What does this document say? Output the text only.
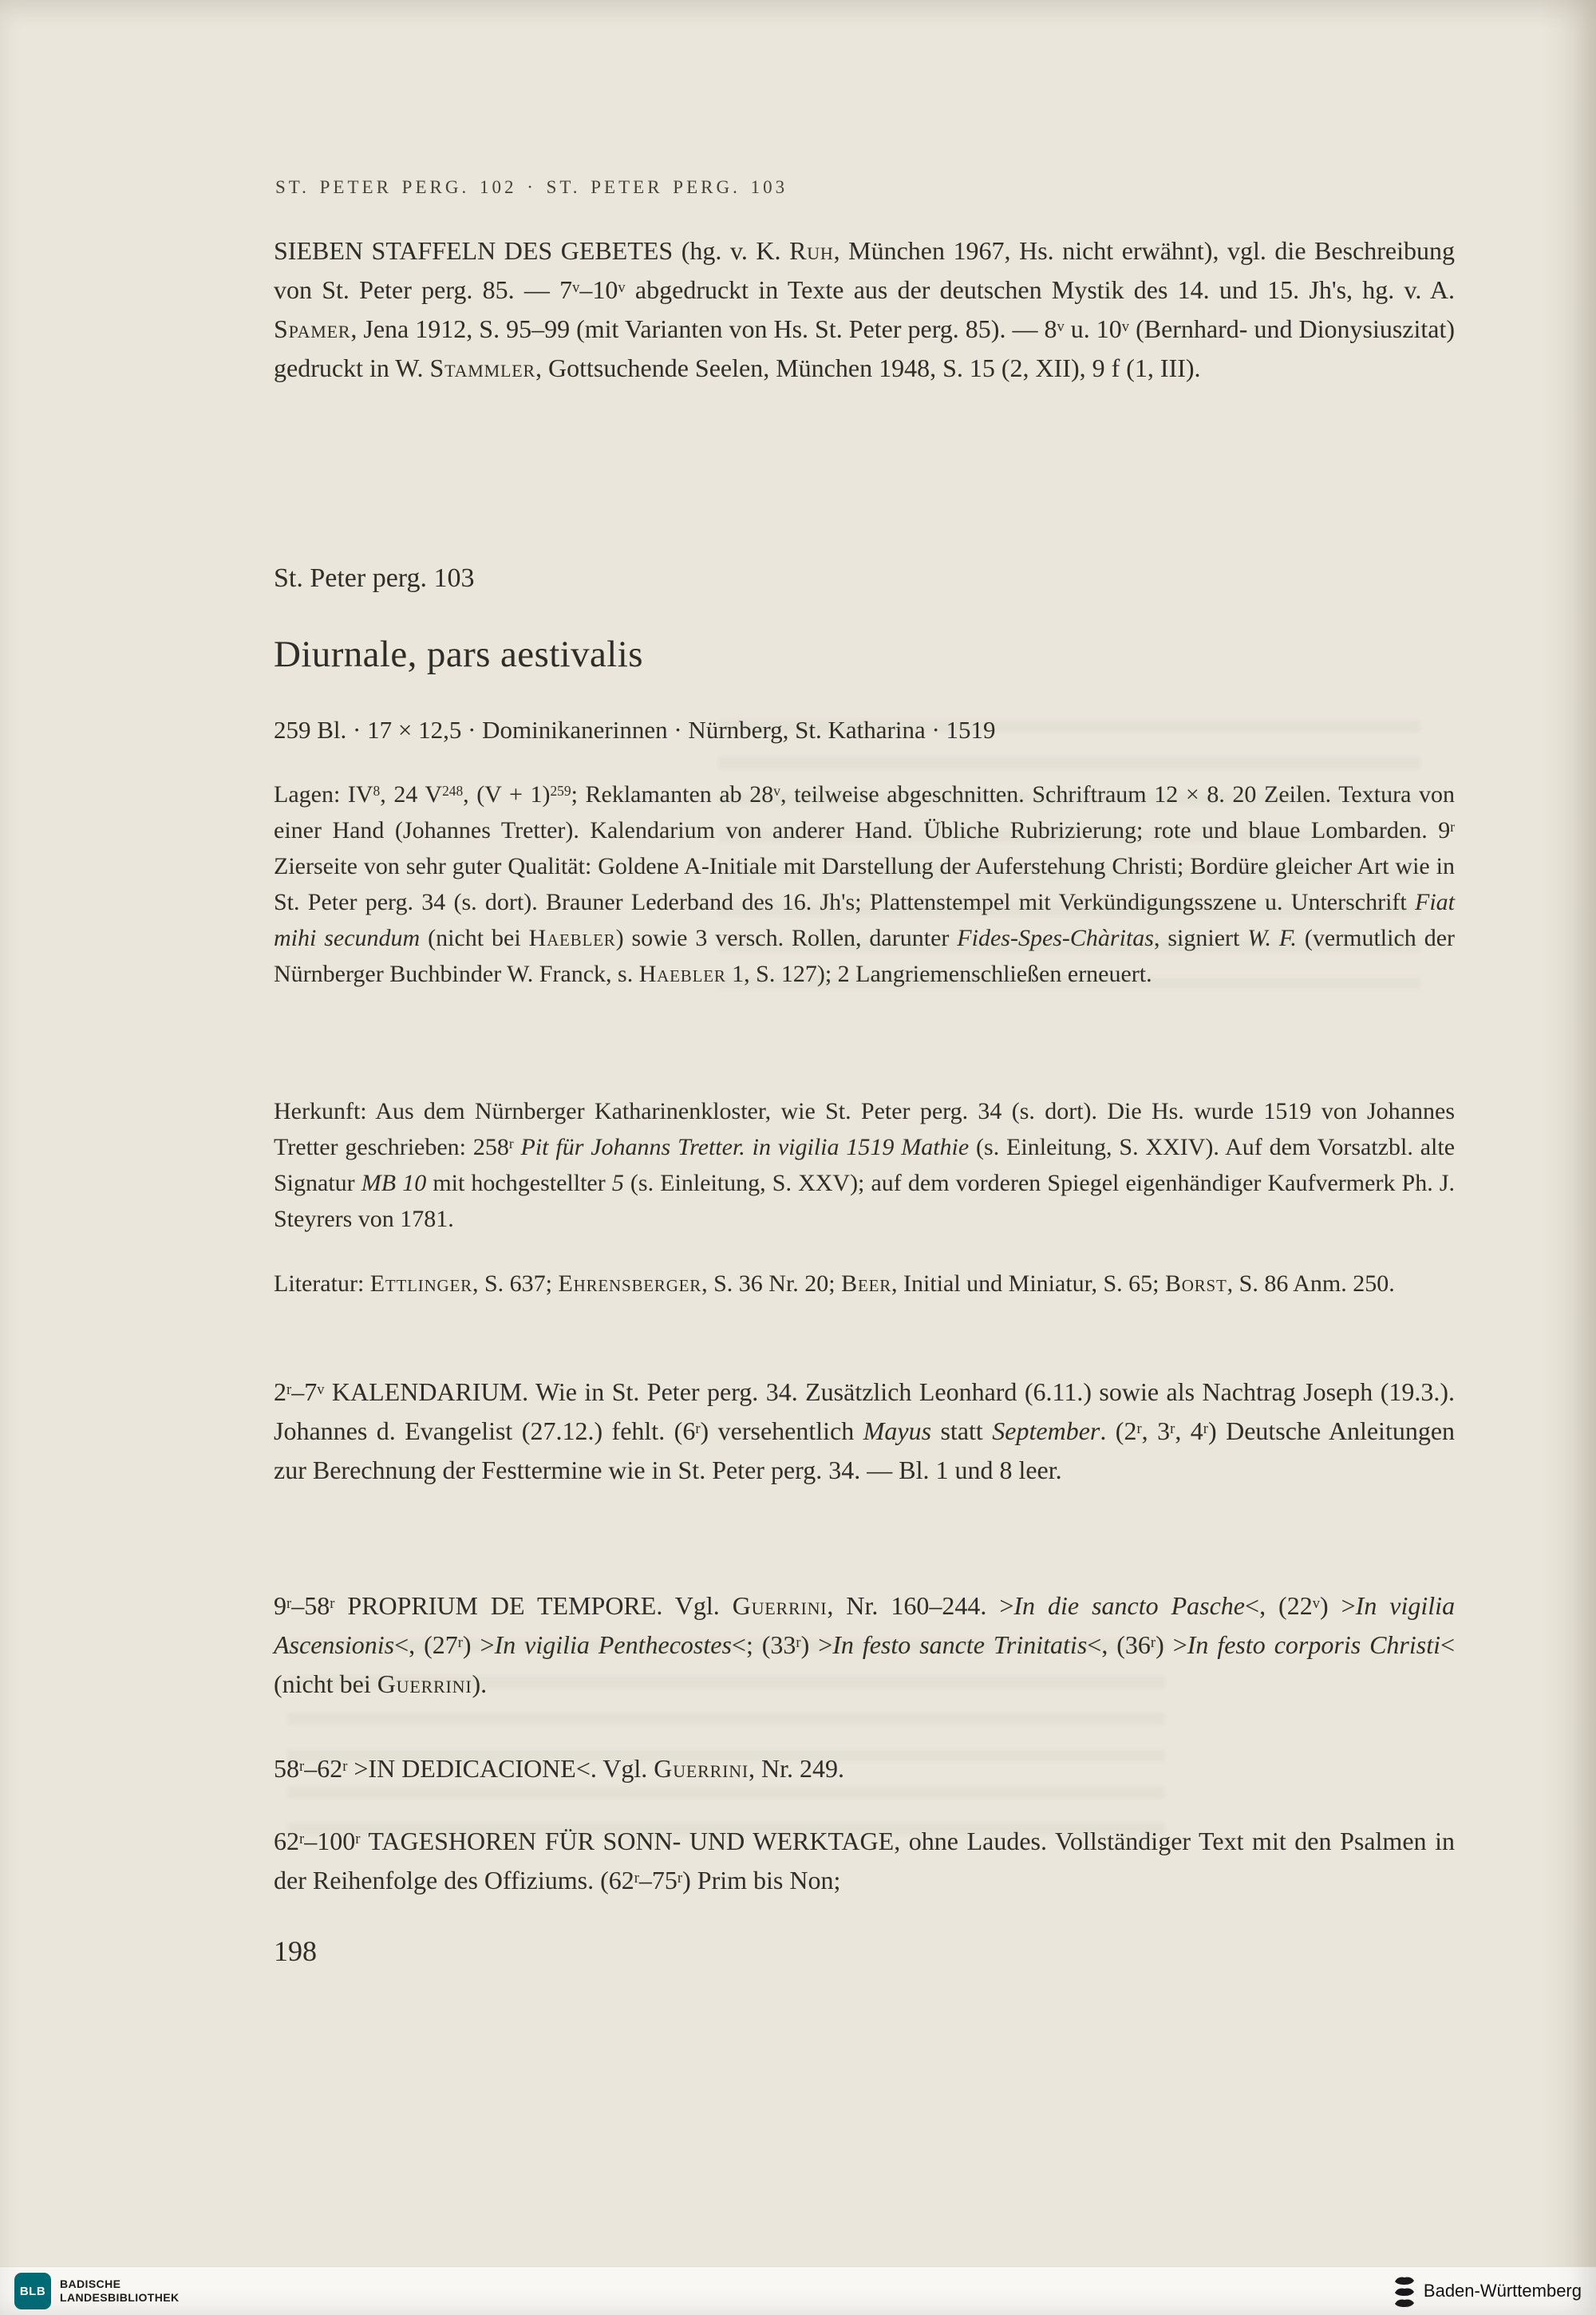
ST. PETER PERG. 102 · ST. PETER PERG. 103

SIEBEN STAFFELN DES GEBETES (hg. v. K. Ruh, München 1967, Hs. nicht erwähnt), vgl. die Beschreibung von St. Peter perg. 85. — 7$^v$–10$^v$ abgedruckt in Texte aus der deutschen Mystik des 14. und 15. Jh's, hg. v. A. Spamer, Jena 1912, S. 95–99 (mit Varianten von Hs. St. Peter perg. 85). — 8$^v$ u. 10$^v$ (Bernhard- und Dionysiuszitat) gedruckt in W. Stammler, Gottsuchende Seelen, München 1948, S. 15 (2, XII), 9 f (1, III).

St. Peter perg. 103
Diurnale, pars aestivalis
259 Bl. · 17 × 12,5 · Dominikanerinnen · Nürnberg, St. Katharina · 1519

Lagen: $IV^8$, 24 $V^{248}$, $(V + 1)^{259}$; Reklamanten ab 28$^v$, teilweise abgeschnitten. Schriftraum 12 × 8. 20 Zeilen. Textura von einer Hand (Johannes Tretter). Kalendarium von anderer Hand. Übliche Rubrizierung; rote und blaue Lombarden. 9$^r$ Zierseite von sehr guter Qualität: Goldene A-Initiale mit Darstellung der Auferstehung Christi; Bordüre gleicher Art wie in St. Peter perg. 34 (s. dort). Brauner Lederband des 16. Jh's; Plattenstempel mit Verkündigungsszene u. Unterschrift Fiat mihi secundum (nicht bei Haebler) sowie 3 versch. Rollen, darunter Fides-Spes-Chàritas, signiert W. F. (vermutlich der Nürnberger Buchbinder W. Franck, s. Haebler 1, S. 127); 2 Langriemenschließen erneuert.

Herkunft: Aus dem Nürnberger Katharinenkloster, wie St. Peter perg. 34 (s. dort). Die Hs. wurde 1519 von Johannes Tretter geschrieben: 258$^r$ Pit für Johanns Tretter. in vigilia 1519 Mathie (s. Einleitung, S. XXIV). Auf dem Vorsatzbl. alte Signatur MB 10 mit hochgestellter 5 (s. Einleitung, S. XXV); auf dem vorderen Spiegel eigenhändiger Kaufvermerk Ph. J. Steyrers von 1781.

Literatur: Ettlinger, S. 637; Ehrensberger, S. 36 Nr. 20; Beer, Initial und Miniatur, S. 65; Borst, S. 86 Anm. 250.

2$^r$–7$^v$ KALENDARIUM. Wie in St. Peter perg. 34. Zusätzlich Leonhard (6.11.) sowie als Nachtrag Joseph (19.3.). Johannes d. Evangelist (27.12.) fehlt. (6$^r$) versehentlich Mayus statt September. (2$^r$, 3$^r$, 4$^r$) Deutsche Anleitungen zur Berechnung der Festtermine wie in St. Peter perg. 34. — Bl. 1 und 8 leer.

9$^r$–58$^r$ PROPRIUM DE TEMPORE. Vgl. Guerrini, Nr. 160–244. >In die sancto Pasche<, $(22^v) >In$ vigilia Ascensionis<, $(27^r) >In$ vigilia Penthecostes<; $(33^r) >In$ festo sancte Trinitatis<, $(36^r) >In$ festo corporis Christi< (nicht bei Guerrini).

$58^r-62^r >IN$ DEDICACIONE<. Vgl. Guerrini, Nr. 249.

62$^r$–100$^r$ TAGESHOREN FÜR SONN- UND WERKTAGE, ohne Laudes. Vollständiger Text mit den Psalmen in der Reihenfolge des Offiziums. (62$^r$–75$^r$) Prim bis Non;

198
BLB
BADISCHE
LANDESBIBLIOTHEK	Baden-Württemberg
